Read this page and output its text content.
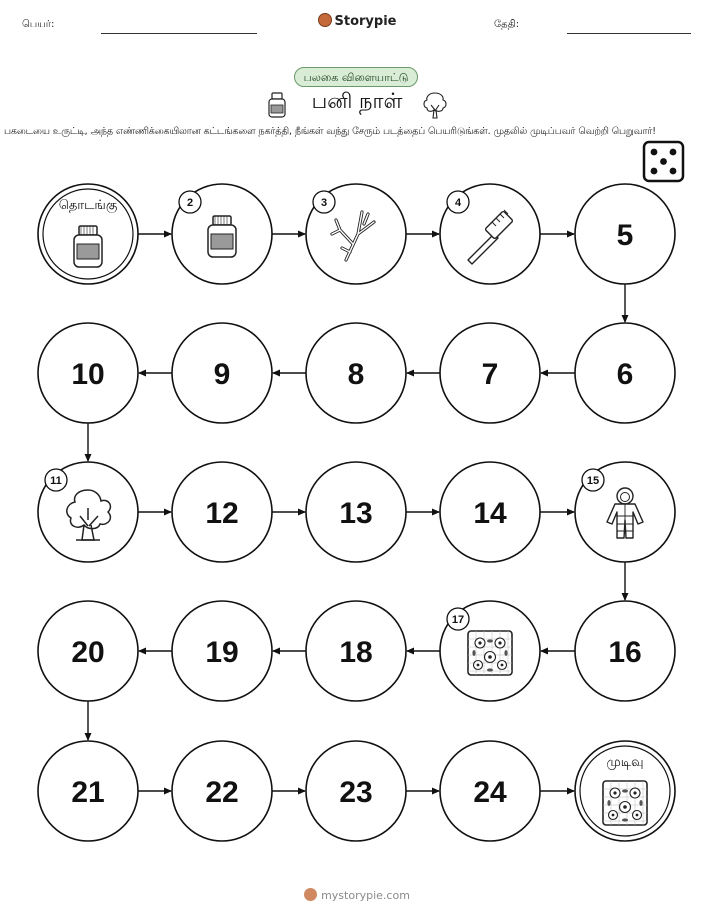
பெயர்:	Storypie	தேதி:
பலகை விளையாட்டு
பனி நாள்
பகடையை உருட்டி, அந்த எண்ணிக்கையிலான கட்டங்களை நகர்த்தி, நீங்கள் வந்து சேரும் படத்தைப் பெயரிடுங்கள். முதலில் முடிப்பவர் வெற்றி பெறுவார்!
தொடங்கு	2	3	4
5
6
7
8
9
10
11
12	13	14
15
16
17
18
19
20
21	22	23	24
முடிவு
mystorypie.com
